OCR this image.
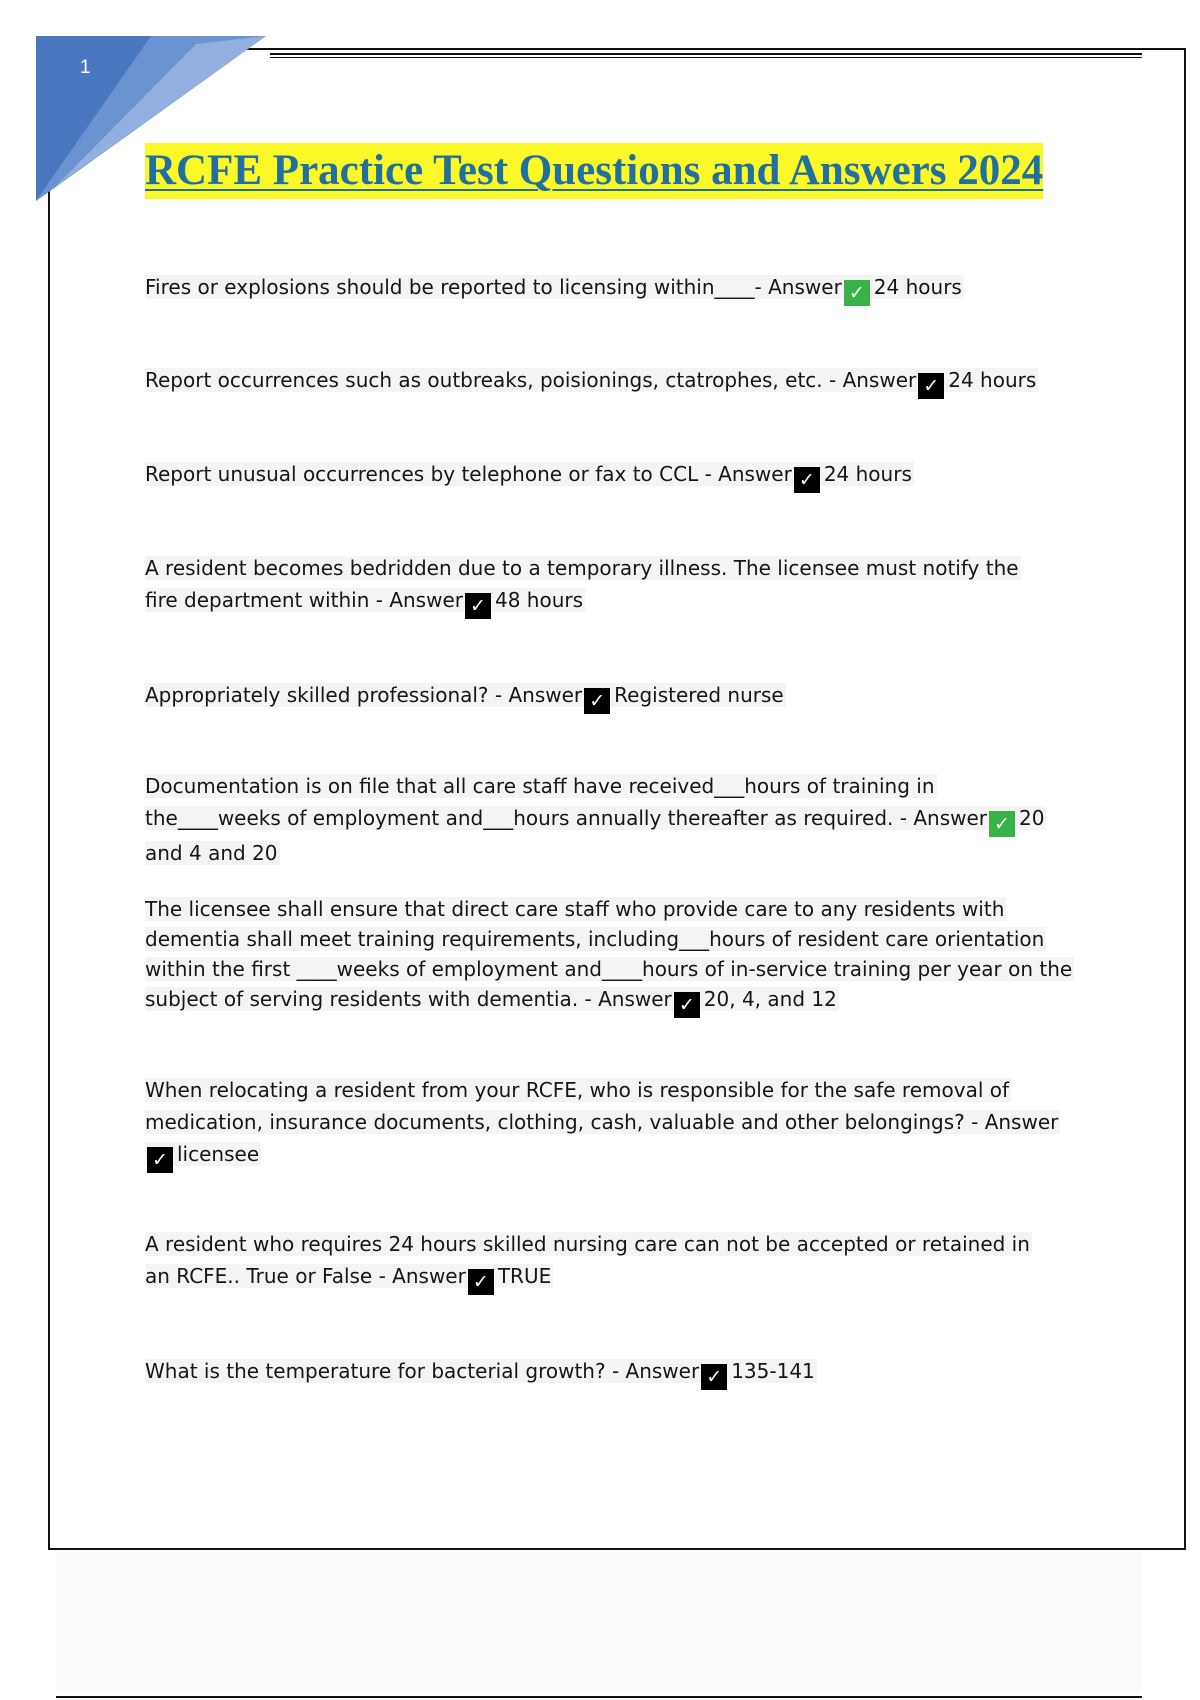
1
RCFE Practice Test Questions and Answers 2024

Fires or explosions should be reported to licensing within____- Answer ✓ 24 hours

Report occurrences such as outbreaks, poisionings, ctatrophes, etc. - Answer ✓ 24 hours

Report unusual occurrences by telephone or fax to CCL - Answer ✓ 24 hours

A resident becomes bedridden due to a temporary illness. The licensee must notify the fire department within - Answer ✓ 48 hours

Appropriately skilled professional? - Answer ✓ Registered nurse

Documentation is on file that all care staff have received___hours of training in the____weeks of employment and___hours annually thereafter as required. - Answer ✓ 20 and 4 and 20

The licensee shall ensure that direct care staff who provide care to any residents with dementia shall meet training requirements, including___hours of resident care orientation within the first ____weeks of employment and____hours of in-service training per year on the subject of serving residents with dementia. - Answer ✓ 20, 4, and 12

When relocating a resident from your RCFE, who is responsible for the safe removal of medication, insurance documents, clothing, cash, valuable and other belongings? - Answer✓ licensee

A resident who requires 24 hours skilled nursing care can not be accepted or retained in an RCFE.. True or False - Answer ✓ TRUE

What is the temperature for bacterial growth? - Answer ✓ 135-141
